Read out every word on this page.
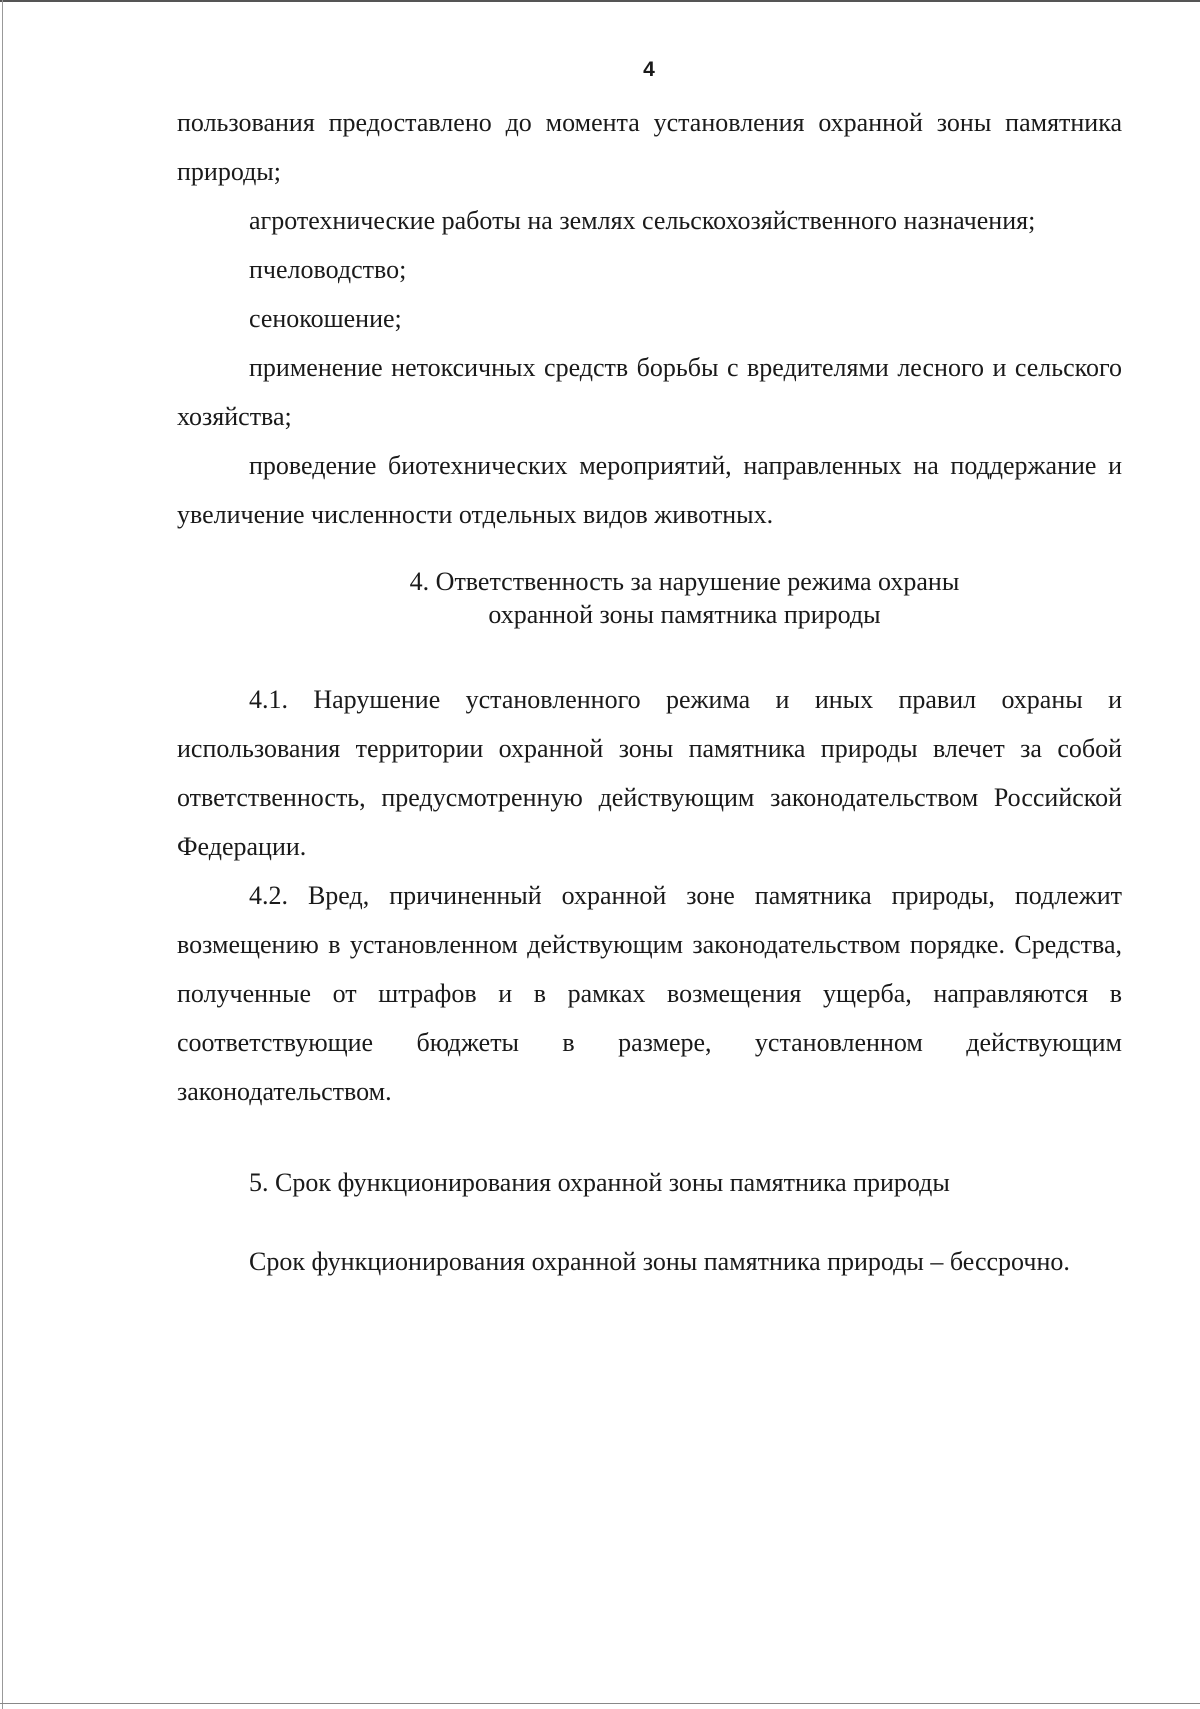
4

пользования предоставлено до момента установления охранной зоны памятника природы;

агротехнические работы на землях сельскохозяйственного назначения;

пчеловодство;

сенокошение;

применение нетоксичных средств борьбы с вредителями лесного и сельского хозяйства;

проведение биотехнических мероприятий, направленных на поддержание и увеличение численности отдельных видов животных.

4. Ответственность за нарушение режима охраны

охранной зоны памятника природы

4.1. Нарушение установленного режима и иных правил охраны и использования территории охранной зоны памятника природы влечет за собой ответственность, предусмотренную действующим законодательством Российской Федерации.

4.2. Вред, причиненный охранной зоне памятника природы, подлежит возмещению в установленном действующим законодательством порядке. Средства, полученные от штрафов и в рамках возмещения ущерба, направляются в соответствующие бюджеты в размере, установленном действующим законодательством.

5. Срок функционирования охранной зоны памятника природы

Срок функционирования охранной зоны памятника природы – бессрочно.
